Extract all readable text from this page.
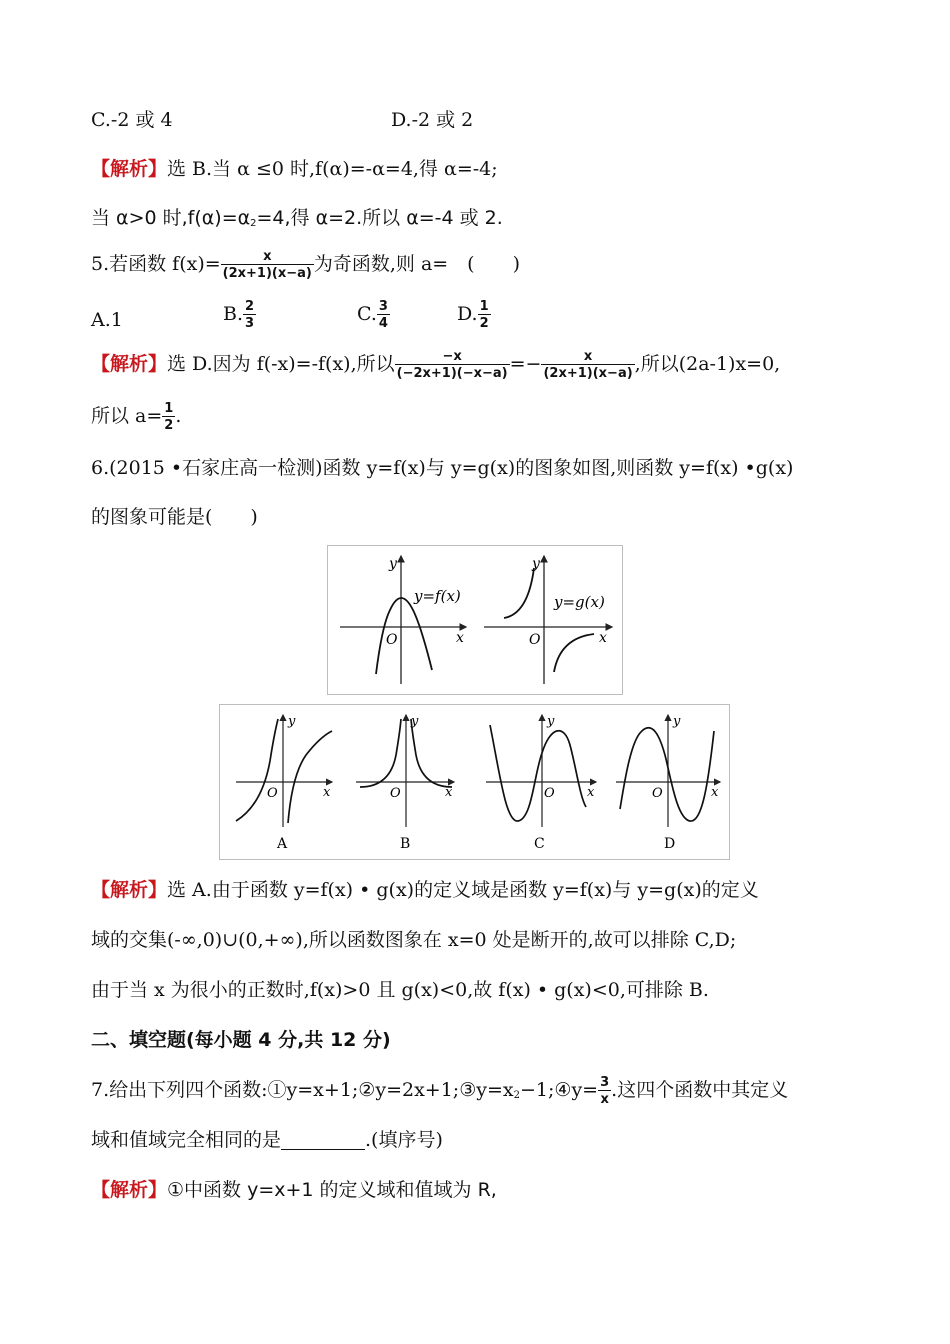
C.-2 或 4	D.-2 或 2
【解析】选 B.当 α ≤0 时,f(α)=-α=4,得 α=-4;
当 α>0 时$,f(\alpha)=\alpha_2=4$,得 α=2.所以 α=-4 或 2.
5.若函数 $f(x)= \frac{x}{(2x+1)(x-a)}$ 为奇函数,则 a=　(　　)
A.1	B. $\frac{2}{3}$	C. $\frac{3}{4}$	D. $\frac{1}{2}$
【解析】选 D.因为 f(-x)=-f(x),所以 $\frac{-x}{(-2x+1)(-x-a)} =- \frac{x}{(2x+1)(x-a)}$ ,所以(2a-1)x=0,
所以 $a= \frac{1}{2}$ .
6.(2015 •石家庄高一检测)函数 y=f(x)与 y=g(x)的图象如图,则函数 y=f(x) •g(x)
的图象可能是(　　)
y
x
O
y=f(x)
y
x
O
y=g(x)
y
x
O
A
y
x
O
B
y
x
O
C
y
x
O
D
【解析】选 A.由于函数 y=f(x) • g(x)的定义域是函数 y=f(x)与 y=g(x)的定义
域的交集(-∞,0)∪(0,+∞),所以函数图象在 x=0 处是断开的,故可以排除 C,D;
由于当 x 为很小的正数时,f(x)>0 且 g(x)<0,故 f(x) • g(x)<0,可排除 B.
二、填空题(每小题 4 分,共 12 分)
7.给出下列四个函数$:①y=x+1;②y=2x+1;③y=x_2-1;④y= \frac{3}{x}$ .这四个函数中其定义
域和值域完全相同的是	.(填序号)
【解析】①中函数 y=x+1 的定义域和值域为 R,
